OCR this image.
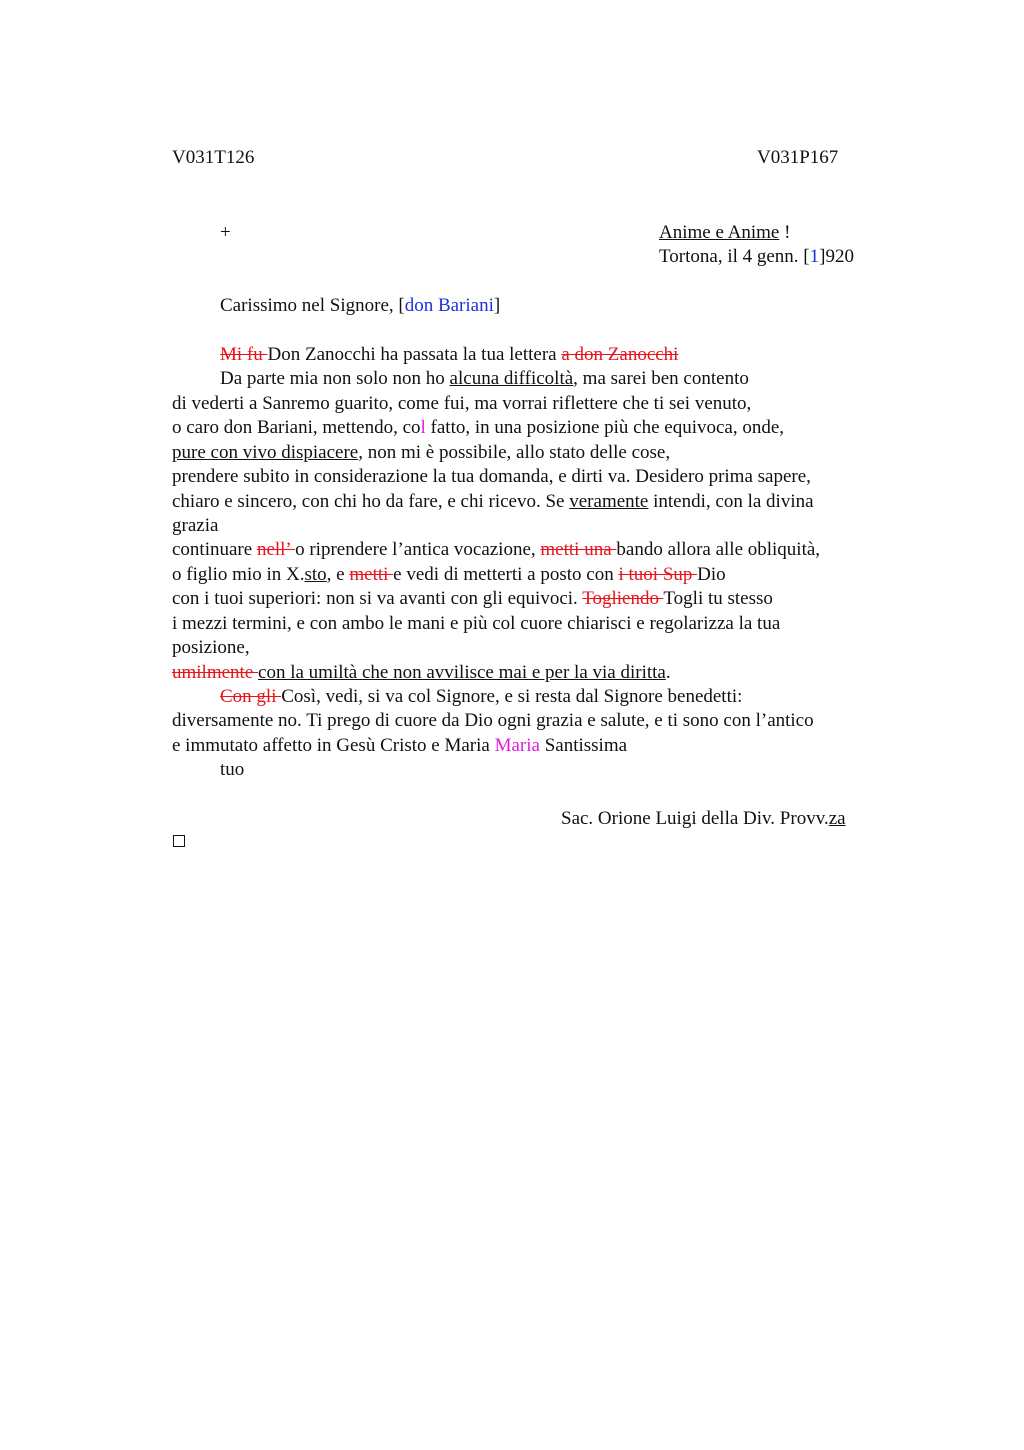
V031T126	V031P167
+	Anime e Anime !
Tortona, il 4 genn. [1]920
Carissimo nel Signore, [don Bariani]
Mi fu Don Zanocchi ha passata la tua lettera a don Zanocchi
Da parte mia non solo non ho alcuna difficoltà, ma sarei ben contento
di vederti a Sanremo guarito, come fui, ma vorrai riflettere che ti sei venuto,
o caro don Bariani, mettendo, col fatto, in una posizione più che equivoca, onde,
pure con vivo dispiacere, non mi è possibile, allo stato delle cose,
prendere subito in considerazione la tua domanda, e dirti va. Desidero prima sapere,
chiaro e sincero, con chi ho da fare, e chi ricevo. Se veramente intendi, con la divina
grazia
continuare nell’ o riprendere l’antica vocazione, metti una bando allora alle obliquità,
o figlio mio in X.sto, e metti e vedi di metterti a posto con i tuoi Sup Dio
con i tuoi superiori: non si va avanti con gli equivoci. Togliendo Togli tu stesso
i mezzi termini, e con ambo le mani e più col cuore chiarisci e regolarizza la tua
posizione,
umilmente con la umiltà che non avvilisce mai e per la via diritta.
Con gli Così, vedi, si va col Signore, e si resta dal Signore benedetti:
diversamente no. Ti prego di cuore da Dio ogni grazia e salute, e ti sono con l’antico
e immutato affetto in Gesù Cristo e Maria Maria Santissima
tuo
Sac. Orione Luigi della Div. Provv.za
